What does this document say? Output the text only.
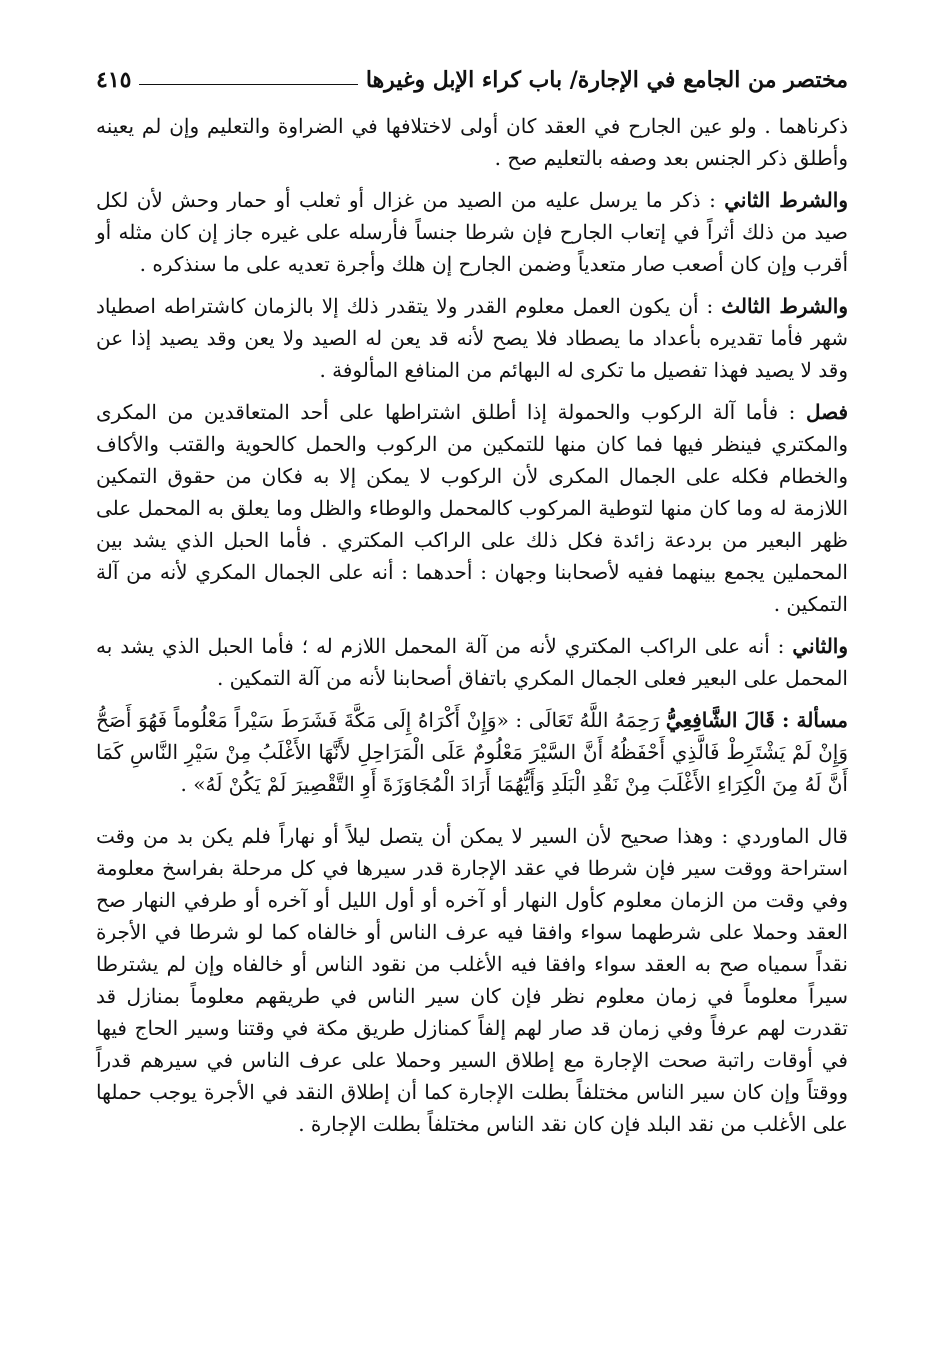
مختصر من الجامع في الإجارة/ باب كراء الإبل وغيرها
٤١٥

ذكرناهما . ولو عين الجارح في العقد كان أولى لاختلافها في الضراوة والتعليم وإن لم يعينه وأطلق ذكر الجنس بعد وصفه بالتعليم صح .

والشرط الثاني : ذكر ما يرسل عليه من الصيد من غزال أو ثعلب أو حمار وحش لأن لكل صيد من ذلك أثراً في إتعاب الجارح فإن شرطا جنساً فأرسله على غيره جاز إن كان مثله أو أقرب وإن كان أصعب صار متعدياً وضمن الجارح إن هلك وأجرة تعديه على ما سنذكره .

والشرط الثالث : أن يكون العمل معلوم القدر ولا يتقدر ذلك إلا بالزمان كاشتراطه اصطياد شهر فأما تقديره بأعداد ما يصطاد فلا يصح لأنه قد يعن له الصيد ولا يعن وقد يصيد إذا عن وقد لا يصيد فهذا تفصيل ما تكرى له البهائم من المنافع المألوفة .

فصل : فأما آلة الركوب والحمولة إذا أطلق اشتراطها على أحد المتعاقدين من المكرى والمكتري فينظر فيها فما كان منها للتمكين من الركوب والحمل كالحوية والقتب والأكاف والخطام فكله على الجمال المكرى لأن الركوب لا يمكن إلا به فكان من حقوق التمكين اللازمة له وما كان منها لتوطية المركوب كالمحمل والوطاء والظل وما يعلق به المحمل على ظهر البعير من بردعة زائدة فكل ذلك على الراكب المكتري . فأما الحبل الذي يشد بين المحملين يجمع بينهما ففيه لأصحابنا وجهان : أحدهما : أنه على الجمال المكري لأنه من آلة التمكين .

والثاني : أنه على الراكب المكتري لأنه من آلة المحمل اللازم له ؛ فأما الحبل الذي يشد به المحمل على البعير فعلى الجمال المكري باتفاق أصحابنا لأنه من آلة التمكين .

مسألة : قَالَ الشَّافِعِيُّ رَحِمَهُ اللَّهُ تَعَالَى : «وَإِنْ أَكْرَاهُ إِلَى مَكَّةَ فَشَرَطَ سَيْراً مَعْلُوماً فَهُوَ أَصَحُّ وَإِنْ لَمْ يَشْتَرِطْ فَالَّذِي أَحْفَظُهُ أَنَّ السَّيْرَ مَعْلُومٌ عَلَى الْمَرَاحِلِ لأَنَّهَا الأَغْلَبُ مِنْ سَيْرِ النَّاسِ كَمَا أَنَّ لَهُ مِنَ الْكِرَاءِ الأَغْلَبَ مِنْ نَقْدِ الْبَلَدِ وَأَيُّهُمَا أَرَادَ الْمُجَاوَزَةَ أَوِ التَّقْصِيرَ لَمْ يَكُنْ لَهُ» .

قال الماوردي : وهذا صحيح لأن السير لا يمكن أن يتصل ليلاً أو نهاراً فلم يكن بد من وقت استراحة ووقت سير فإن شرطا في عقد الإجارة قدر سيرها في كل مرحلة بفراسخ معلومة وفي وقت من الزمان معلوم كأول النهار أو آخره أو أول الليل أو آخره أو طرفي النهار صح العقد وحملا على شرطهما سواء وافقا فيه عرف الناس أو خالفاه كما لو شرطا في الأجرة نقداً سمياه صح به العقد سواء وافقا فيه الأغلب من نقود الناس أو خالفاه وإن لم يشترطا سيراً معلوماً في زمان معلوم نظر فإن كان سير الناس في طريقهم معلوماً بمنازل قد تقدرت لهم عرفاً وفي زمان قد صار لهم إلفاً كمنازل طريق مكة في وقتنا وسير الحاج فيها في أوقات راتبة صحت الإجارة مع إطلاق السير وحملا على عرف الناس في سيرهم قدراً ووقتاً وإن كان سير الناس مختلفاً بطلت الإجارة كما أن إطلاق النقد في الأجرة يوجب حملها على الأغلب من نقد البلد فإن كان نقد الناس مختلفاً بطلت الإجارة .
